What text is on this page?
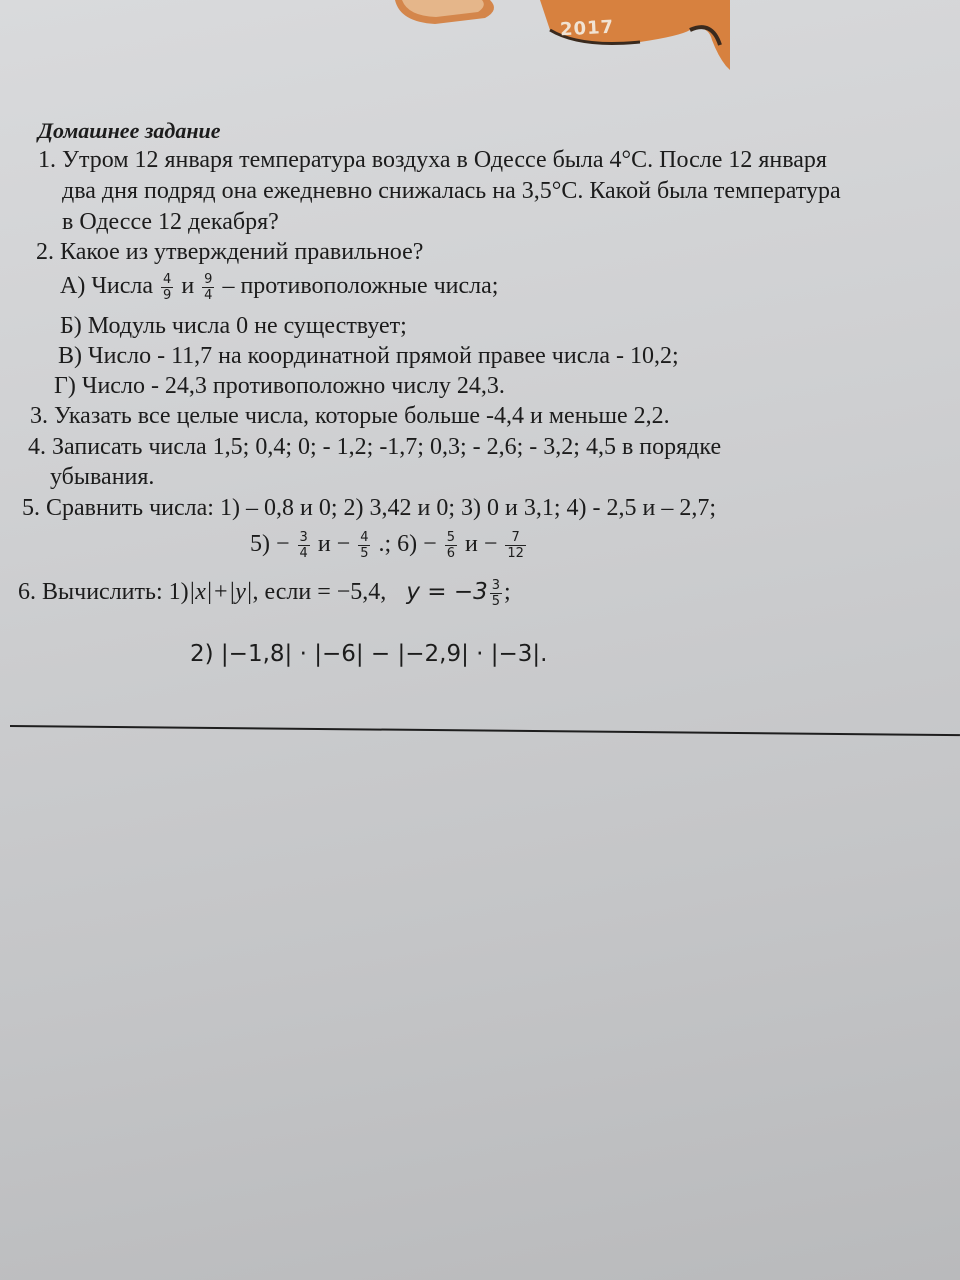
2017
Домашнее задание
1. Утром 12 января температура воздуха в Одессе была 4°С. После 12 января
два дня подряд она ежедневно снижалась на 3,5°С. Какой была температура
в Одессе 12 декабря?
2. Какое из утверждений правильное?
А) Числа $\frac{4}{9}$ и $\frac{9}{4}$ – противоположные числа;
Б) Модуль числа 0 не существует;
В) Число - 11,7 на координатной прямой правее числа - 10,2;
Г) Число - 24,3 противоположно числу 24,3.
3. Указать все целые числа, которые больше -4,4 и меньше 2,2.
4. Записать числа 1,5; 0,4; 0; - 1,2; -1,7; 0,3; - 2,6; - 3,2; 4,5 в порядке
убывания.
5. Сравнить числа: 1) – 0,8 и 0; 2) 3,42 и 0; 3) 0 и 3,1; 4) - 2,5 и – 2,7;
$5) - \frac{3}{4}$ $и - \frac{4}{5}$ .; $6) - \frac{5}{6}$ $и - \frac{7}{12}$
6. Вычислить: 1)|x|+|y|, если = −5,4, $y = -3 \frac{3}{5}$ ;
2) |−1,8| · |−6| − |−2,9| · |−3|.
